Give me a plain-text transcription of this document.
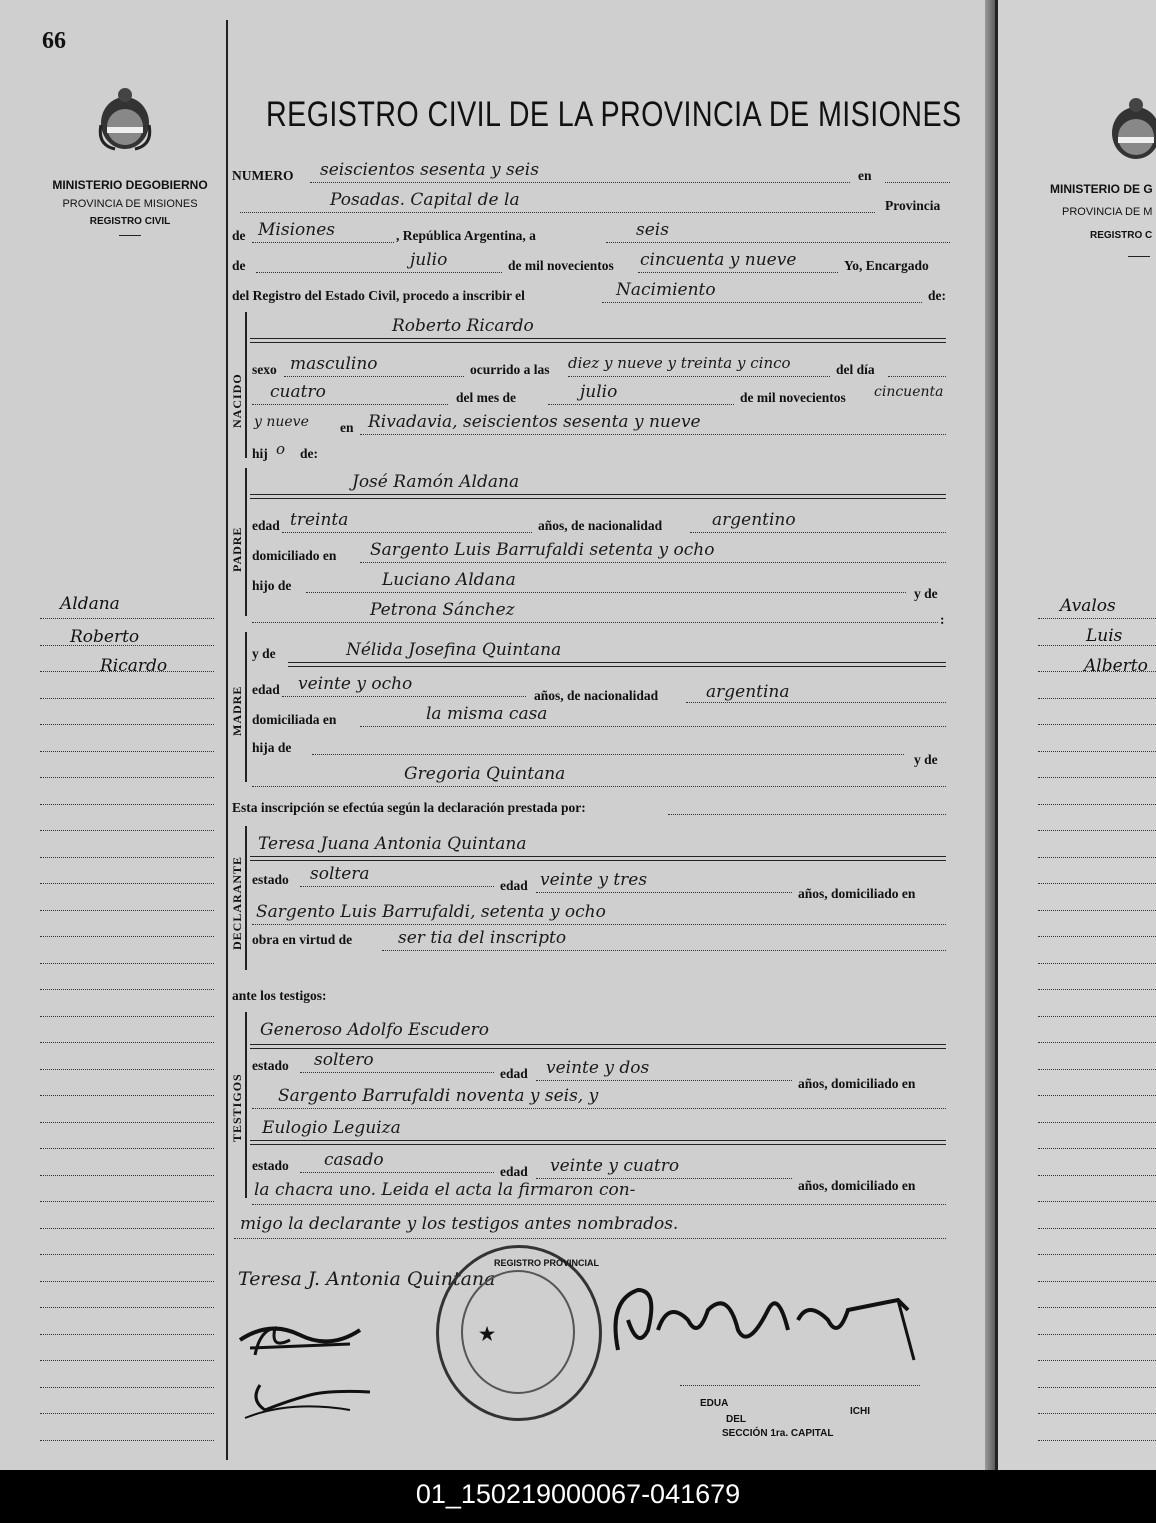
66
MINISTERIO DEGOBIERNO
PROVINCIA DE MISIONES
REGISTRO CIVIL
Aldana
Roberto
Ricardo
REGISTRO CIVIL DE LA PROVINCIA DE MISIONES
NUMERO seiscientos sesenta y seis	en
Posadas. Capital de la	Provincia
de Misiones	, República Argentina, a	seis
de	julio	de mil novecientos cincuenta y nueve	Yo, Encargado
del Registro del Estado Civil, procedo a inscribir el	Nacimiento	de:
NACIDO
Roberto Ricardo
sexo masculino	ocurrido a las diez y nueve y treinta y cinco	del día
cuatro	del mes de	julio	de mil novecientos cincuenta
y nueve en Rivadavia, seiscientos sesenta y nueve
hij o de:
PADRE
José Ramón Aldana
edad treinta	años, de nacionalidad	argentino
domiciliado en Sargento Luis Barrufaldi setenta y ocho
hijo de	Luciano Aldana
y de
Petrona Sánchez	:
MADRE
y de	Nélida Josefina Quintana
edad veinte y ocho
años, de nacionalidad	argentina
domiciliada en	la misma casa
hija de
y de
Gregoria Quintana
Esta inscripción se efectúa según la declaración prestada por:
DECLARANTE
Teresa Juana Antonia Quintana
estado soltera
edad veinte y tres
años, domiciliado en
Sargento Luis Barrufaldi, setenta y ocho
obra en virtud de	ser tia del inscripto
ante los testigos:
TESTIGOS
Generoso Adolfo Escudero
estado soltero
edad veinte y dos
años, domiciliado en
Sargento Barrufaldi noventa y seis, y
Eulogio Leguiza
estado casado
edad veinte y cuatro
años, domiciliado en
la chacra uno. Leida el acta la firmaron con-
migo la declarante y los testigos antes nombrados.
Teresa J. Antonia Quintana
REGISTRO PROVINCIAL
★
EDUA
ICHI
DEL
SECCIÓN 1ra. CAPITAL
MINISTERIO DE G
PROVINCIA DE M
REGISTRO C
Avalos
Luis
Alberto
01_150219000067-041679
